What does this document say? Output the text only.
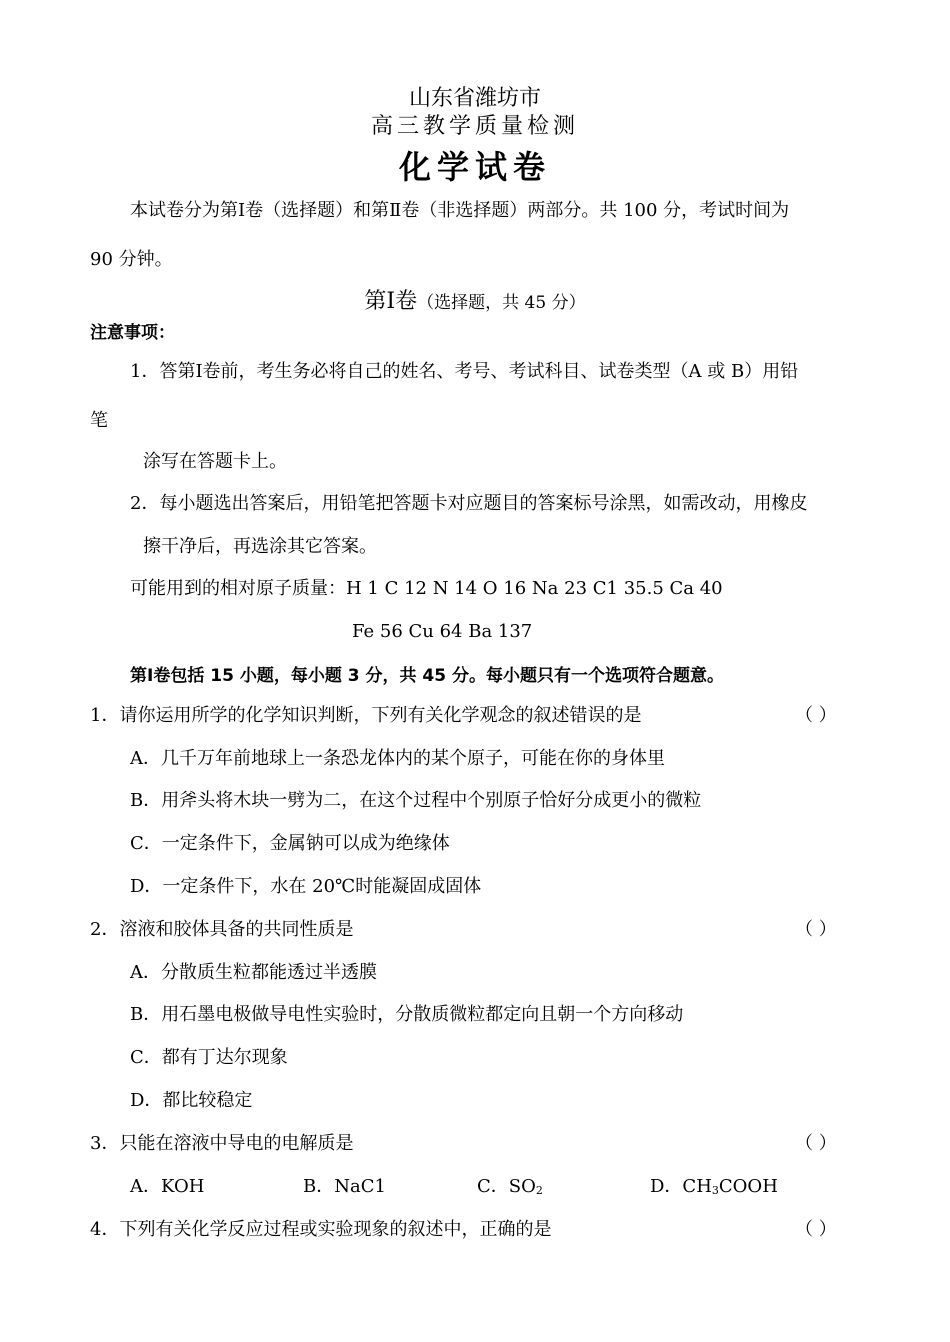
山东省潍坊市
高三教学质量检测
化学试卷
本试卷分为第Ⅰ卷（选择题）和第Ⅱ卷（非选择题）两部分。共 100 分，考试时间为
90 分钟。
第Ⅰ卷（选择题，共 45 分）
注意事项：
1．答第Ⅰ卷前，考生务必将自己的姓名、考号、考试科目、试卷类型（A 或 B）用铅
笔
涂写在答题卡上。
2．每小题选出答案后，用铅笔把答题卡对应题目的答案标号涂黑，如需改动，用橡皮
擦干净后，再选涂其它答案。
可能用到的相对原子质量：H 1 C 12 N 14 O 16 Na 23 C1 35.5 Ca 40
Fe 56 Cu 64 Ba 137
第Ⅰ卷包括 15 小题，每小题 3 分，共 45 分。每小题只有一个选项符合题意。
1．请你运用所学的化学知识判断，下列有关化学观念的叙述错误的是	（ ）
A．几千万年前地球上一条恐龙体内的某个原子，可能在你的身体里
B．用斧头将木块一劈为二，在这个过程中个别原子恰好分成更小的微粒
C．一定条件下，金属钠可以成为绝缘体
D．一定条件下，水在 20℃时能凝固成固体
2．溶液和胶体具备的共同性质是	（ ）
A．分散质生粒都能透过半透膜
B．用石墨电极做导电性实验时，分散质微粒都定向且朝一个方向移动
C．都有丁达尔现象
D．都比较稳定
3．只能在溶液中导电的电解质是	（ ）
A．KOH	B．NaC1	C．$SO_2$	D．$CH_3COOH$
4．下列有关化学反应过程或实验现象的叙述中，正确的是	（ ）
